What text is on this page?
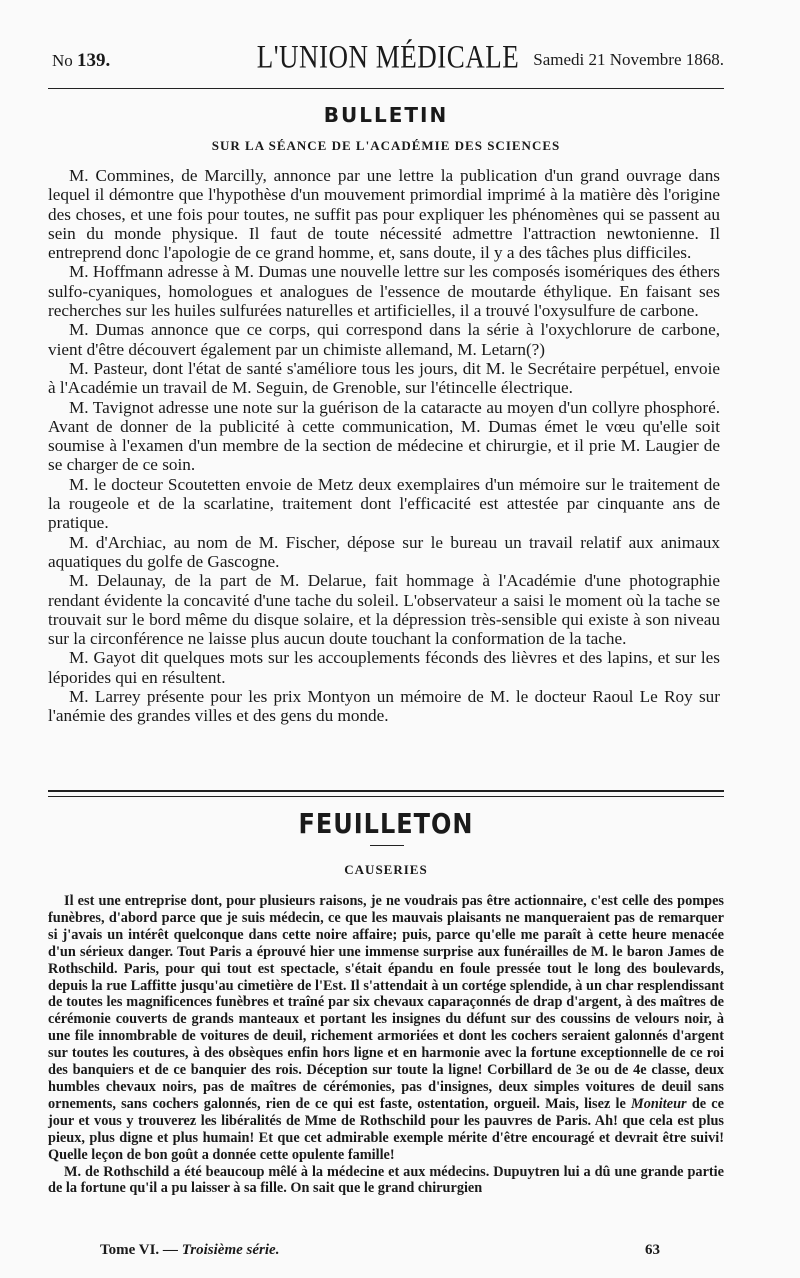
No 139.	L'UNION MÉDICALE Samedi 21 Novembre 1868.
BULLETIN
SUR LA SÉANCE DE L'ACADÉMIE DES SCIENCES

M. Commines, de Marcilly, annonce par une lettre la publication d'un grand ouvrage dans lequel il démontre que l'hypothèse d'un mouvement primordial imprimé à la matière dès l'origine des choses, et une fois pour toutes, ne suffit pas pour expliquer les phénomènes qui se passent au sein du monde physique. Il faut de toute nécessité admettre l'attraction newtonienne. Il entreprend donc l'apologie de ce grand homme, et, sans doute, il y a des tâches plus difficiles.

M. Hoffmann adresse à M. Dumas une nouvelle lettre sur les composés isomériques des éthers sulfo-cyaniques, homologues et analogues de l'essence de moutarde éthylique. En faisant ses recherches sur les huiles sulfurées naturelles et artificielles, il a trouvé l'oxysulfure de carbone.

M. Dumas annonce que ce corps, qui correspond dans la série à l'oxychlorure de carbone, vient d'être découvert également par un chimiste allemand, M. Letarn(?)

M. Pasteur, dont l'état de santé s'améliore tous les jours, dit M. le Secrétaire perpétuel, envoie à l'Académie un travail de M. Seguin, de Grenoble, sur l'étincelle électrique.

M. Tavignot adresse une note sur la guérison de la cataracte au moyen d'un collyre phosphoré. Avant de donner de la publicité à cette communication, M. Dumas émet le vœu qu'elle soit soumise à l'examen d'un membre de la section de médecine et chirurgie, et il prie M. Laugier de se charger de ce soin.

M. le docteur Scoutetten envoie de Metz deux exemplaires d'un mémoire sur le traitement de la rougeole et de la scarlatine, traitement dont l'efficacité est attestée par cinquante ans de pratique.

M. d'Archiac, au nom de M. Fischer, dépose sur le bureau un travail relatif aux animaux aquatiques du golfe de Gascogne.

M. Delaunay, de la part de M. Delarue, fait hommage à l'Académie d'une photographie rendant évidente la concavité d'une tache du soleil. L'observateur a saisi le moment où la tache se trouvait sur le bord même du disque solaire, et la dépression très-sensible qui existe à son niveau sur la circonférence ne laisse plus aucun doute touchant la conformation de la tache.

M. Gayot dit quelques mots sur les accouplements féconds des lièvres et des lapins, et sur les léporides qui en résultent.

M. Larrey présente pour les prix Montyon un mémoire de M. le docteur Raoul Le Roy sur l'anémie des grandes villes et des gens du monde.

FEUILLETON
CAUSERIES

Il est une entreprise dont, pour plusieurs raisons, je ne voudrais pas être actionnaire, c'est celle des pompes funèbres, d'abord parce que je suis médecin, ce que les mauvais plaisants ne manqueraient pas de remarquer si j'avais un intérêt quelconque dans cette noire affaire; puis, parce qu'elle me paraît à cette heure menacée d'un sérieux danger. Tout Paris a éprouvé hier une immense surprise aux funérailles de M. le baron James de Rothschild. Paris, pour qui tout est spectacle, s'était épandu en foule pressée tout le long des boulevards, depuis la rue Laffitte jusqu'au cimetière de l'Est. Il s'attendait à un cortége splendide, à un char resplendissant de toutes les magnificences funèbres et traîné par six chevaux caparaçonnés de drap d'argent, à des maîtres de cérémonie couverts de grands manteaux et portant les insignes du défunt sur des coussins de velours noir, à une file innombrable de voitures de deuil, richement armoriées et dont les cochers seraient galonnés d'argent sur toutes les coutures, à des obsèques enfin hors ligne et en harmonie avec la fortune exceptionnelle de ce roi des banquiers et de ce banquier des rois. Déception sur toute la ligne! Corbillard de 3e ou de 4e classe, deux humbles chevaux noirs, pas de maîtres de cérémonies, pas d'insignes, deux simples voitures de deuil sans ornements, sans cochers galonnés, rien de ce qui est faste, ostentation, orgueil. Mais, lisez le Moniteur de ce jour et vous y trouverez les libéralités de Mme de Rothschild pour les pauvres de Paris. Ah! que cela est plus pieux, plus digne et plus humain! Et que cet admirable exemple mérite d'être encouragé et devrait être suivi! Quelle leçon de bon goût a donnée cette opulente famille!

M. de Rothschild a été beaucoup mêlé à la médecine et aux médecins. Dupuytren lui a dû une grande partie de la fortune qu'il a pu laisser à sa fille. On sait que le grand chirurgien

Tome VI. — Troisième série.	63
